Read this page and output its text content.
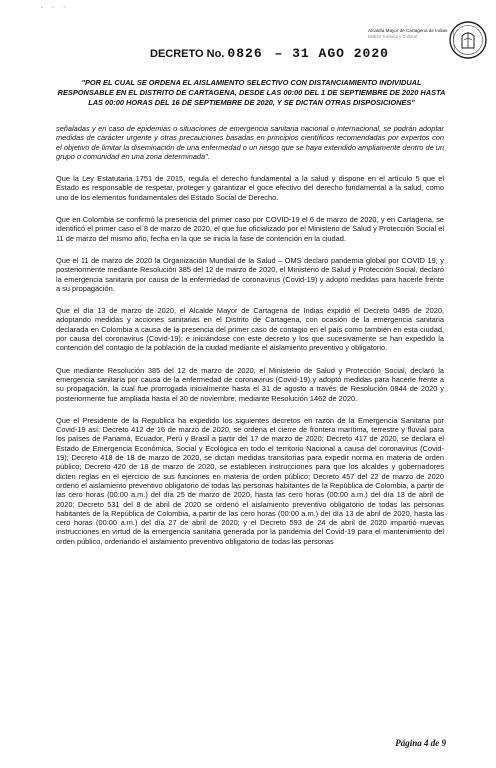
· · ·
DECRETO No. 0826  – 31 AGO 2020
Alcaldía Mayor de Cartagena de Indias
Distrito Turístico y Cultural
"POR EL CUAL SE ORDENA EL AISLAMIENTO SELECTIVO CON DISTANCIAMIENTO INDIVIDUAL RESPONSABLE EN EL DISTRITO DE CARTAGENA, DESDE LAS 00:00 DEL 1 DE SEPTIEMBRE DE 2020 HASTA LAS 00:00 HORAS DEL 16 DE SEPTIEMBRE DE 2020, Y SE DICTAN OTRAS DISPOSICIONES"

señaladas y en caso de epidemias o situaciones de emergencia sanitaria nacional o internacional, se podrán adoptar medidas de carácter urgente y otras precauciones basadas en principios científicos recomendadas por expertos con el objetivo de limitar la diseminación de una enfermedad o un riesgo que se haya extendido ampliamente dentro de un grupo o comunidad en una zona determinada".

Que la Ley Estatutaria 1751 de 2015, regula el derecho fundamental a la salud y dispone en el artículo 5 que el Estado es responsable de respetar, proteger y garantizar el goce efectivo del derecho fundamental a la salud, como uno de los elementos fundamentales del Estado Social de Derecho.

Que en Colombia se confirmó la presencia del primer caso por COVID-19 el 6 de marzo de 2020, y en Cartagena, se identificó el primer caso el 8 de marzo de 2020, el que fue oficializado por el Ministerio de Salud y Protección Social el 11 de marzo del mismo año, fecha en la que se inicia la fase de contención en la ciudad.

Que el 11 de marzo de 2020 la Organización Mundial de la Salud – OMS declaró pandemia global por COVID 19, y posteriormente mediante Resolución 385 del 12 de marzo de 2020, el Ministerio de Salud y Protección Social, declaró la emergencia sanitaria por causa de la enfermedad de coronavirus (Covid-19) y adoptó medidas para hacerle frente a su propagación.

Que el día 13 de marzo de 2020, el Alcalde Mayor de Cartagena de Indias expidió el Decreto 0495 de 2020, adoptando medidas y acciones sanitarias en el Distrito de Cartagena, con ocasión de la emergencia sanitaria declarada en Colombia a causa de la presencia del primer caso de contagio en el país como también en esta ciudad, por causa del coronavirus (Covid-19); e iniciándose con este decreto y los que sucesivamente se han expedido la contención del contagio de la población de la ciudad mediante el aislamiento preventivo y obligatorio.

Que mediante Resolución 385 del 12 de marzo de 2020, el Ministerio de Salud y Protección Social, declaró la emergencia sanitaria por causa de la enfermedad de coronavirus (Covid-19) y adoptó medidas para hacerle frente a su propagación, la cual fue prorrogada inicialmente hasta el 31 de agosto a través de Resolución 0844 de 2020 y posteriormente fue ampliada hasta el 30 de noviembre, mediante Resolución 1462 de 2020.

Que el Presidente de la Republica ha expedido los siguientes decretos en razón de la Emergencia Sanitaria por Covid-19 así: Decreto 412 de 16 de marzo de 2020, se ordena el cierre de frontera marítima, terrestre y fluvial para los países de Panamá, Ecuador, Perú y Brasil a partir del 17 de marzo de 2020; Decreto 417 de 2020, se declara el Estado de Emergencia Económica, Social y Ecológica en todo el territorio Nacional a causa del coronavirus (Covid-19); Decreto 418 de 18 de marzo de 2020, se dictan medidas transitorias para expedir norma en materia de orden público; Decreto 420 de 18 de marzo de 2020, se establecen instrucciones para que los alcaldes y gobernadores dicten reglas en el ejercicio de sus funciones en materia de orden público; Decreto 457 del 22 de marzo de 2020 ordenó el aislamiento preventivo obligatorio de todas las personas habitantes de la República de Colombia, a partir de las cero horas (00:00 a.m.) del día 25 de marzo de 2020, hasta las cero horas (00:00 a.m.) del día 13 de abril de 2020; Decreto 531 del 8 de abril de 2020 se ordenó el aislamiento preventivo obligatorio de todas las personas habitantes de la República de Colombia, a partir de las cero horas (00:00 a.m.) del día 13 de abril de 2020, hasta las cero horas (00:00 a.m.) del día 27 de abril de 2020; y el Decreto 593 de 24 de abril de 2020 impartió nuevas instrucciones en virtud de la emergencia sanitaria generada por la pandemia del Covid-19 para el mantenimiento del orden público, ordenando el aislamiento preventivo obligatorio de todas las personas

Página 4 de 9
